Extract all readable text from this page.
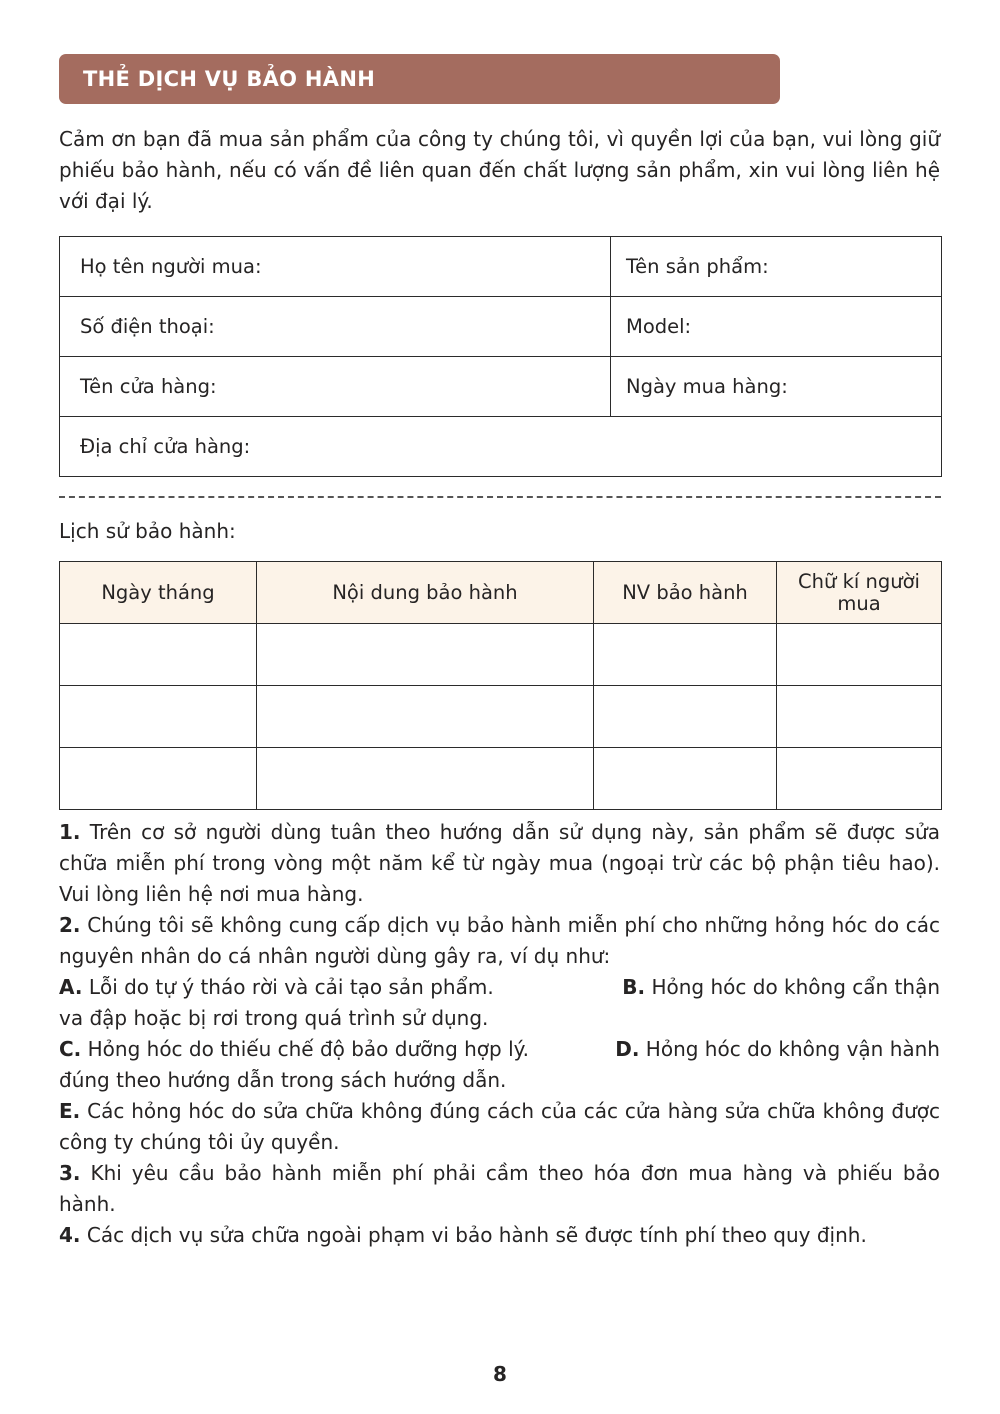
THẺ DỊCH VỤ BẢO HÀNH

Cảm ơn bạn đã mua sản phẩm của công ty chúng tôi, vì quyền lợi của bạn, vui lòng giữ phiếu bảo hành, nếu có vấn đề liên quan đến chất lượng sản phẩm, xin vui lòng liên hệ với đại lý.

Họ tên người mua:	Tên sản phẩm:
Số điện thoại:	Model:
Tên cửa hàng:	Ngày mua hàng:
Địa chỉ cửa hàng:	
Lịch sử bảo hành:
Ngày tháng	Nội dung bảo hành	NV bảo hành	Chữ kí người mua

1. Trên cơ sở người dùng tuân theo hướng dẫn sử dụng này, sản phẩm sẽ được sửa chữa miễn phí trong vòng một năm kể từ ngày mua (ngoại trừ các bộ phận tiêu hao). Vui lòng liên hệ nơi mua hàng.

2. Chúng tôi sẽ không cung cấp dịch vụ bảo hành miễn phí cho những hỏng hóc do các nguyên nhân do cá nhân người dùng gây ra, ví dụ như:

A. Lỗi do tự ý tháo rời và cải tạo sản phẩm.	B. Hỏng hóc do không cẩn thận

va đập hoặc bị rơi trong quá trình sử dụng.

C. Hỏng hóc do thiếu chế độ bảo dưỡng hợp lý.	D. Hỏng hóc do không vận hành

đúng theo hướng dẫn trong sách hướng dẫn.

E. Các hỏng hóc do sửa chữa không đúng cách của các cửa hàng sửa chữa không được công ty chúng tôi ủy quyền.

3. Khi yêu cầu bảo hành miễn phí phải cầm theo hóa đơn mua hàng và phiếu bảo hành.

4. Các dịch vụ sửa chữa ngoài phạm vi bảo hành sẽ được tính phí theo quy định.

8
